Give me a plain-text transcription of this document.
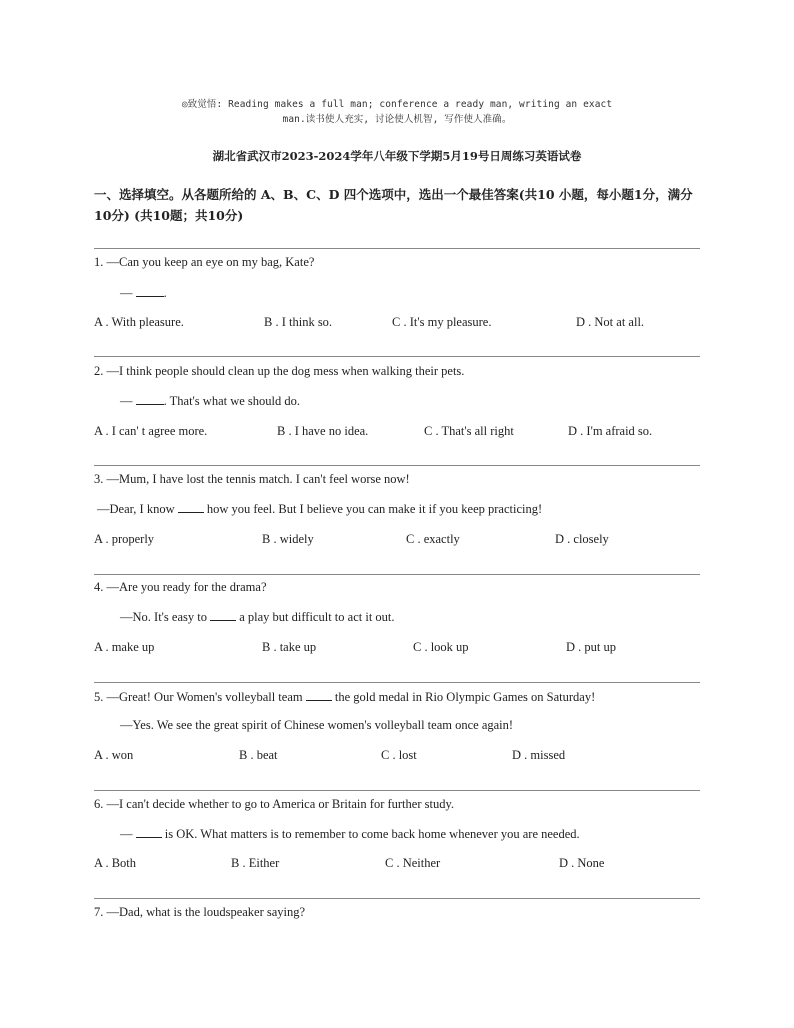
◎致觉悟: Reading makes a full man; conference a ready man, writing an exact
man.读书使人充实, 讨论使人机智, 写作使人准确。
湖北省武汉市2023-2024学年八年级下学期5月19号日周练习英语试卷
一、选择填空。从各题所给的 A、B、C、D 四个选项中，选出一个最佳答案(共10 小题，每小题1分，满分10分) (共10题；共10分)
1. —Can you keep an eye on my bag, Kate?
— .
A . With pleasure.	B . I think so.	C . It's my pleasure.	D . Not at all.
2. —I think people should clean up the dog mess when walking their pets.
— . That's what we should do.
A . I can' t agree more.	B . I have no idea.	C . That's all right	D . I'm afraid so.
3. —Mum, I have lost the tennis match. I can't feel worse now!
—Dear, I know  how you feel. But I believe you can make it if you keep practicing!
A . properly	B . widely	C . exactly	D . closely
4. —Are you ready for the drama?
—No. It's easy to  a play but difficult to act it out.
A . make up	B . take up	C . look up	D . put up
5. —Great! Our Women's volleyball team  the gold medal in Rio Olympic Games on Saturday!
—Yes. We see the great spirit of Chinese women's volleyball team once again!
A . won	B . beat	C . lost	D . missed
6. —I can't decide whether to go to America or Britain for further study.
—  is OK. What matters is to remember to come back home whenever you are needed.
A . Both	B . Either	C . Neither	D . None
7. —Dad, what is the loudspeaker saying?
